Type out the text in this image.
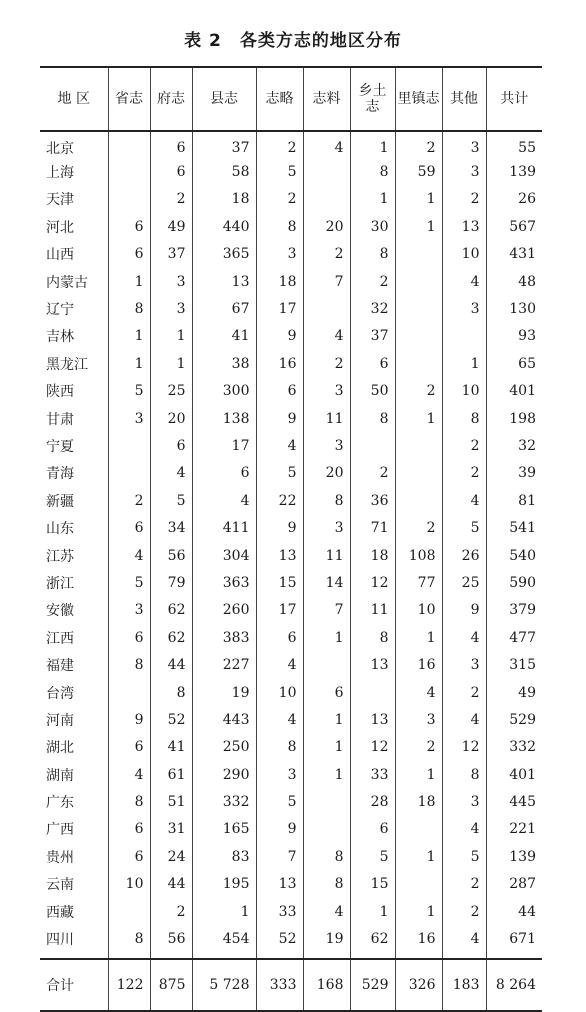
表 2 各类方志的地区分布
地 区	省志	府志	县志	志略	志料	乡土志	里镇志	其他	共计
北京		6	37	2	4	1	2	3	55
上海		6	58	5		8	59	3	139
天津		2	18	2		1	1	2	26
河北	6	49	440	8	20	30	1	13	567
山西	6	37	365	3	2	8		10	431
内蒙古	1	3	13	18	7	2		4	48
辽宁	8	3	67	17		32		3	130
吉林	1	1	41	9	4	37			93
黑龙江	1	1	38	16	2	6		1	65
陕西	5	25	300	6	3	50	2	10	401
甘肃	3	20	138	9	11	8	1	8	198
宁夏		6	17	4	3			2	32
青海		4	6	5	20	2		2	39
新疆	2	5	4	22	8	36		4	81
山东	6	34	411	9	3	71	2	5	541
江苏	4	56	304	13	11	18	108	26	540
浙江	5	79	363	15	14	12	77	25	590
安徽	3	62	260	17	7	11	10	9	379
江西	6	62	383	6	1	8	1	4	477
福建	8	44	227	4		13	16	3	315
台湾		8	19	10	6		4	2	49
河南	9	52	443	4	1	13	3	4	529
湖北	6	41	250	8	1	12	2	12	332
湖南	4	61	290	3	1	33	1	8	401
广东	8	51	332	5		28	18	3	445
广西	6	31	165	9		6		4	221
贵州	6	24	83	7	8	5	1	5	139
云南	10	44	195	13	8	15		2	287
西藏		2	1	33	4	1	1	2	44
四川	8	56	454	52	19	62	16	4	671

合计	122	875	5 728	333	168	529	326	183	8 264
